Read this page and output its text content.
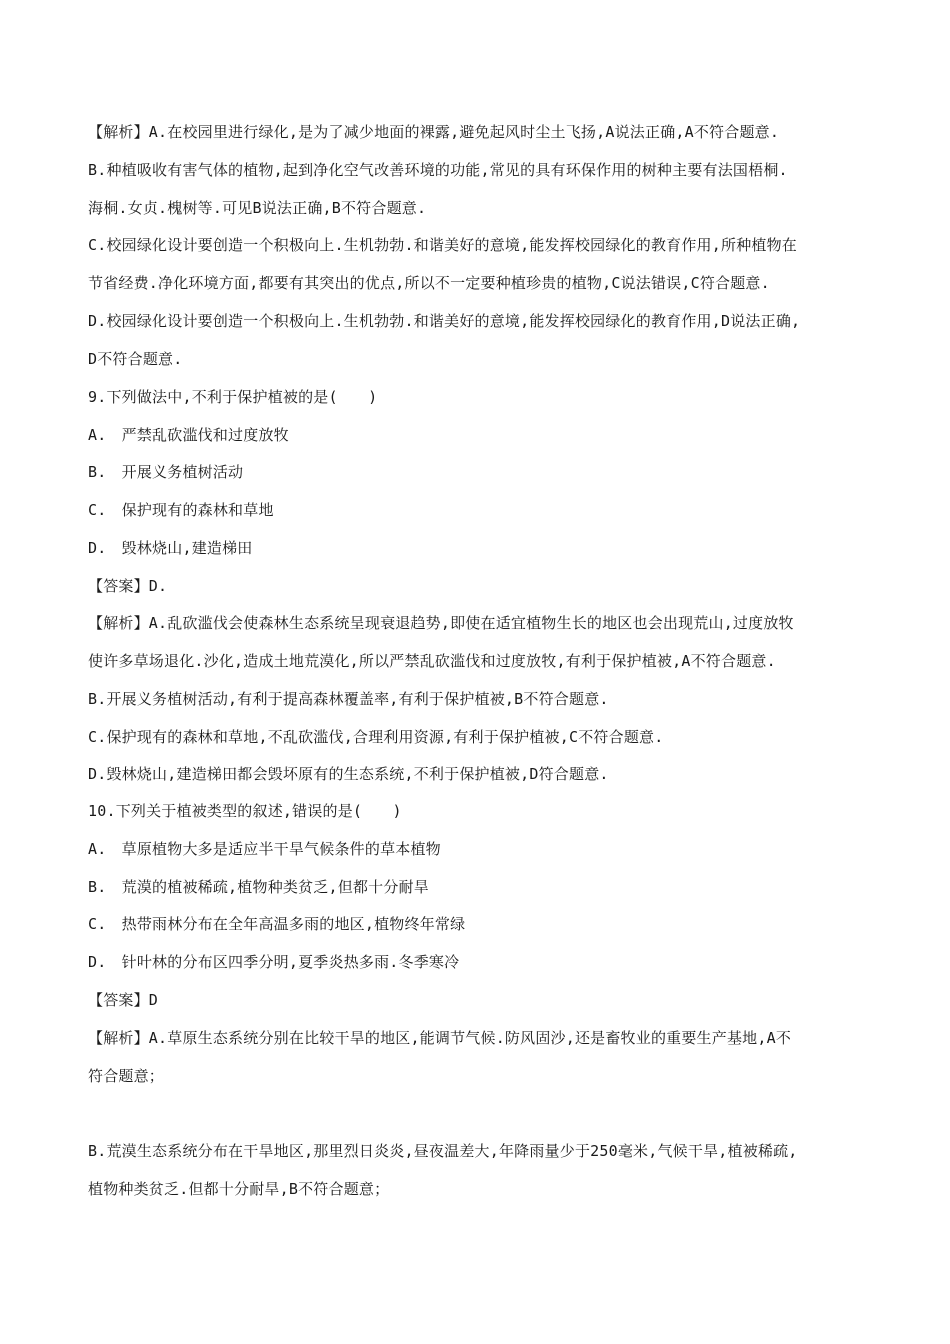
【解析】A.在校园里进行绿化,是为了减少地面的裸露,避免起风时尘土飞扬,A说法正确,A不符合题意.
B.种植吸收有害气体的植物,起到净化空气改善环境的功能,常见的具有环保作用的树种主要有法国梧桐.
海桐.女贞.槐树等.可见B说法正确,B不符合题意.
C.校园绿化设计要创造一个积极向上.生机勃勃.和谐美好的意境,能发挥校园绿化的教育作用,所种植物在
节省经费.净化环境方面,都要有其突出的优点,所以不一定要种植珍贵的植物,C说法错误,C符合题意.
D.校园绿化设计要创造一个积极向上.生机勃勃.和谐美好的意境,能发挥校园绿化的教育作用,D说法正确,
D不符合题意.
9.下列做法中,不利于保护植被的是(　　)
A.　严禁乱砍滥伐和过度放牧
B.　开展义务植树活动
C.　保护现有的森林和草地
D.　毁林烧山,建造梯田
【答案】D.
【解析】A.乱砍滥伐会使森林生态系统呈现衰退趋势,即使在适宜植物生长的地区也会出现荒山,过度放牧
使许多草场退化.沙化,造成土地荒漠化,所以严禁乱砍滥伐和过度放牧,有利于保护植被,A不符合题意.
B.开展义务植树活动,有利于提高森林覆盖率,有利于保护植被,B不符合题意.
C.保护现有的森林和草地,不乱砍滥伐,合理利用资源,有利于保护植被,C不符合题意.
D.毁林烧山,建造梯田都会毁坏原有的生态系统,不利于保护植被,D符合题意.
10.下列关于植被类型的叙述,错误的是(　　)
A.　草原植物大多是适应半干旱气候条件的草本植物
B.　荒漠的植被稀疏,植物种类贫乏,但都十分耐旱
C.　热带雨林分布在全年高温多雨的地区,植物终年常绿
D.　针叶林的分布区四季分明,夏季炎热多雨.冬季寒冷
【答案】D
【解析】A.草原生态系统分别在比较干旱的地区,能调节气候.防风固沙,还是畜牧业的重要生产基地,A不
符合题意；
B.荒漠生态系统分布在干旱地区,那里烈日炎炎,昼夜温差大,年降雨量少于250毫米,气候干旱,植被稀疏,
植物种类贫乏.但都十分耐旱,B不符合题意；
